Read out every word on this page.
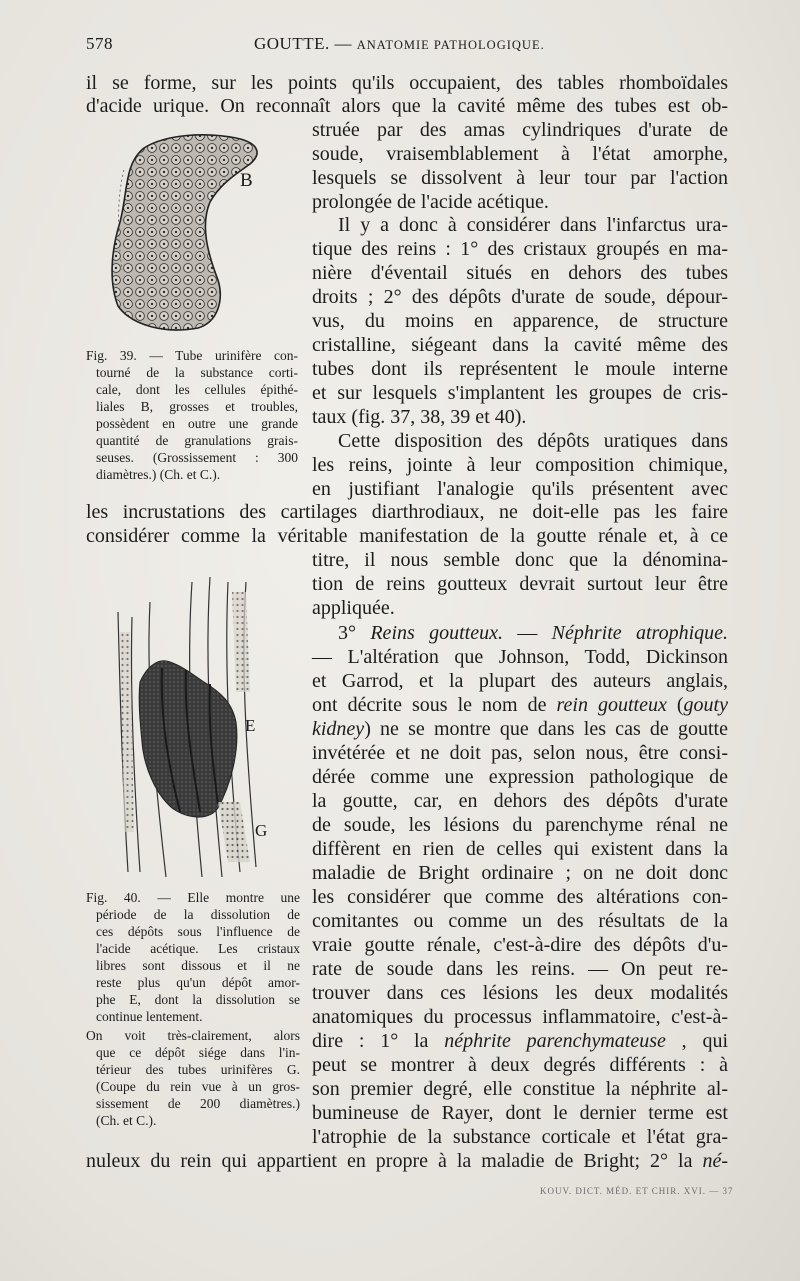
578	GOUTTE. — ANATOMIE PATHOLOGIQUE.
il se forme, sur les points qu'ils occupaient, des tables rhomboïdales
d'acide urique. On reconnaît alors que la cavité même des tubes est ob-
B
Fig. 39. — Tube urinifère con-
tourné de la substance corti-
cale, dont les cellules épithé-
liales B, grosses et troubles,
possèdent en outre une grande
quantité de granulations grais-
seuses. (Grossissement : 300
diamètres.) (Ch. et C.).
struée par des amas cylindriques d'urate de
soude, vraisemblablement à l'état amorphe,
lesquels se dissolvent à leur tour par l'action
prolongée de l'acide acétique.
Il y a donc à considérer dans l'infarctus ura-
tique des reins : 1° des cristaux groupés en ma-
nière d'éventail situés en dehors des tubes
droits ; 2° des dépôts d'urate de soude, dépour-
vus, du moins en apparence, de structure
cristalline, siégeant dans la cavité même des
tubes dont ils représentent le moule interne
et sur lesquels s'implantent les groupes de cris-
taux (fig. 37, 38, 39 et 40).
Cette disposition des dépôts uratiques dans
les reins, jointe à leur composition chimique,
en justifiant l'analogie qu'ils présentent avec
les incrustations des cartilages diarthrodiaux, ne doit-elle pas les faire
considérer comme la véritable manifestation de la goutte rénale et, à ce
titre, il nous semble donc que la dénomina-
tion de reins goutteux devrait surtout leur être
appliquée.
3° Reins goutteux. — Néphrite atrophique.
— L'altération que Johnson, Todd, Dickinson
et Garrod, et la plupart des auteurs anglais,
ont décrite sous le nom de rein goutteux (gouty
kidney) ne se montre que dans les cas de goutte
invétérée et ne doit pas, selon nous, être consi-
dérée comme une expression pathologique de
la goutte, car, en dehors des dépôts d'urate
de soude, les lésions du parenchyme rénal ne
diffèrent en rien de celles qui existent dans la
maladie de Bright ordinaire ; on ne doit donc
les considérer que comme des altérations con-
comitantes ou comme un des résultats de la
vraie goutte rénale, c'est-à-dire des dépôts d'u-
rate de soude dans les reins. — On peut re-
trouver dans ces lésions les deux modalités
anatomiques du processus inflammatoire, c'est-à-
dire : 1° la néphrite parenchymateuse , qui
peut se montrer à deux degrés différents : à
son premier degré, elle constitue la néphrite al-
bumineuse de Rayer, dont le dernier terme est
l'atrophie de la substance corticale et l'état gra-
nuleux du rein qui appartient en propre à la maladie de Bright; 2° la né-
E
G
Fig. 40. — Elle montre une
période de la dissolution de
ces dépôts sous l'influence de
l'acide acétique. Les cristaux
libres sont dissous et il ne
reste plus qu'un dépôt amor-
phe E, dont la dissolution se
continue lentement.
On voit très-clairement, alors
que ce dépôt siége dans l'in-
térieur des tubes urinifères G.
(Coupe du rein vue à un gros-
sissement de 200 diamètres.)
(Ch. et C.).
KOUV. DICT. MÉD. ET CHIR. XVI. — 37
